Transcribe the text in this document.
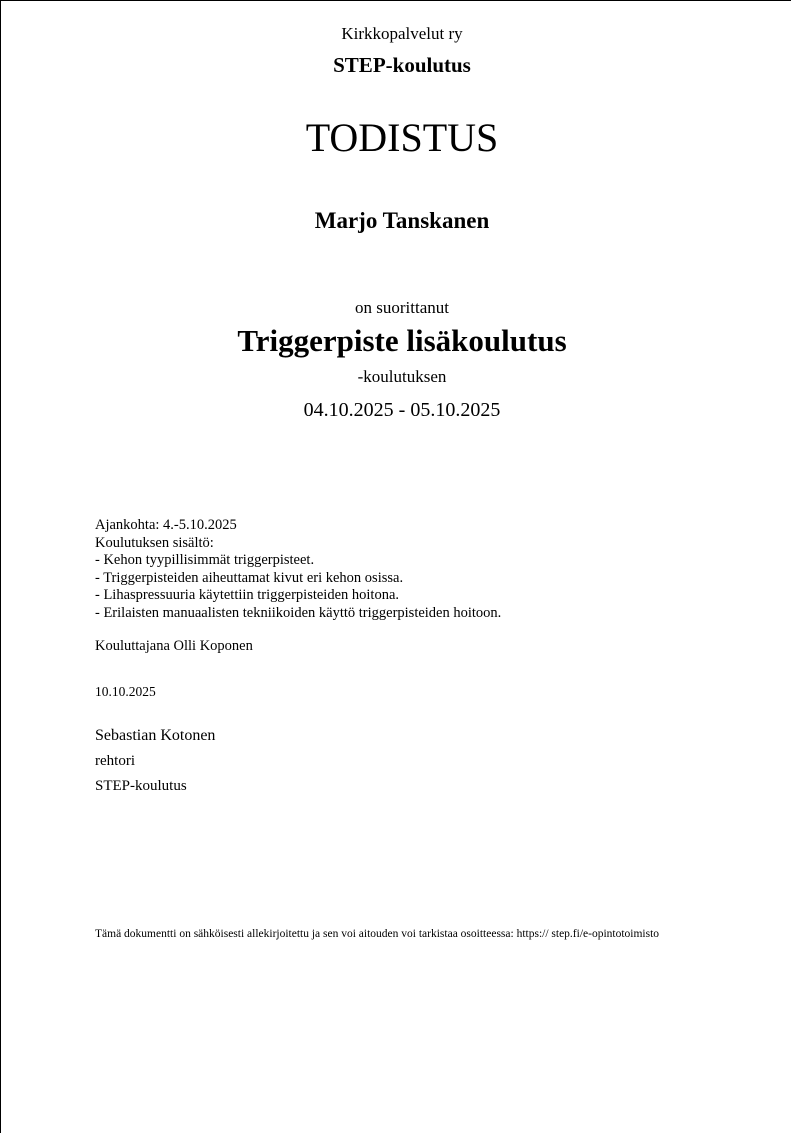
Kirkkopalvelut ry
STEP-koulutus
TODISTUS
Marjo Tanskanen
on suorittanut
Triggerpiste lisäkoulutus
-koulutuksen
04.10.2025 - 05.10.2025
Ajankohta: 4.-5.10.2025
Koulutuksen sisältö:
- Kehon tyypillisimmät triggerpisteet.
- Triggerpisteiden aiheuttamat kivut eri kehon osissa.
- Lihaspressuuria käytettiin triggerpisteiden hoitona.
- Erilaisten manuaalisten tekniikoiden käyttö triggerpisteiden hoitoon.
Kouluttajana Olli Koponen
10.10.2025
Sebastian Kotonen
rehtori
STEP-koulutus
Tämä dokumentti on sähköisesti allekirjoitettu ja sen voi aitouden voi tarkistaa osoitteessa: https:// step.fi/e-opintotoimisto
